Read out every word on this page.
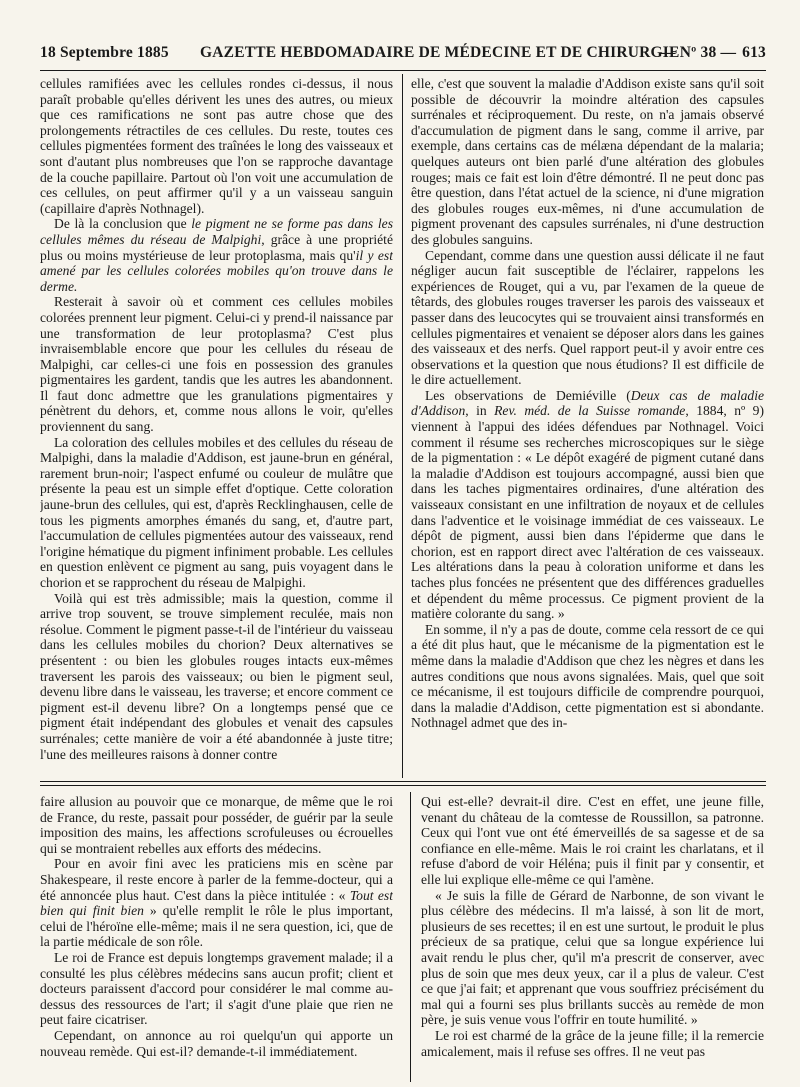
18 Septembre 1885 GAZETTE HEBDOMADAIRE DE MÉDECINE ET DE CHIRURGIE
— Nº 38 — 613

cellules ramifiées avec les cellules rondes ci-dessus, il nous paraît probable qu'elles dérivent les unes des autres, ou mieux que ces ramifications ne sont pas autre chose que des prolongements rétractiles de ces cellules. Du reste, toutes ces cellules pigmentées forment des traînées le long des vaisseaux et sont d'autant plus nombreuses que l'on se rapproche davantage de la couche papillaire. Partout où l'on voit une accumulation de ces cellules, on peut affirmer qu'il y a un vaisseau sanguin (capillaire d'après Nothnagel).

De là la conclusion que le pigment ne se forme pas dans les cellules mêmes du réseau de Malpighi, grâce à une propriété plus ou moins mystérieuse de leur protoplasma, mais qu'il y est amené par les cellules colorées mobiles qu'on trouve dans le derme.

Resterait à savoir où et comment ces cellules mobiles colorées prennent leur pigment. Celui-ci y prend-il naissance par une transformation de leur protoplasma? C'est plus invraisemblable encore que pour les cellules du réseau de Malpighi, car celles-ci une fois en possession des granules pigmentaires les gardent, tandis que les autres les abandonnent. Il faut donc admettre que les granulations pigmentaires y pénètrent du dehors, et, comme nous allons le voir, qu'elles proviennent du sang.

La coloration des cellules mobiles et des cellules du réseau de Malpighi, dans la maladie d'Addison, est jaune-brun en général, rarement brun-noir; l'aspect enfumé ou couleur de mulâtre que présente la peau est un simple effet d'optique. Cette coloration jaune-brun des cellules, qui est, d'après Recklinghausen, celle de tous les pigments amorphes émanés du sang, et, d'autre part, l'accumulation de cellules pigmentées autour des vaisseaux, rend l'origine hématique du pigment infiniment probable. Les cellules en question enlèvent ce pigment au sang, puis voyagent dans le chorion et se rapprochent du réseau de Malpighi.

Voilà qui est très admissible; mais la question, comme il arrive trop souvent, se trouve simplement reculée, mais non résolue. Comment le pigment passe-t-il de l'intérieur du vaisseau dans les cellules mobiles du chorion? Deux alternatives se présentent : ou bien les globules rouges intacts eux-mêmes traversent les parois des vaisseaux; ou bien le pigment seul, devenu libre dans le vaisseau, les traverse; et encore comment ce pigment est-il devenu libre? On a longtemps pensé que ce pigment était indépendant des globules et venait des capsules surrénales; cette manière de voir a été abandonnée à juste titre; l'une des meilleures raisons à donner contre

elle, c'est que souvent la maladie d'Addison existe sans qu'il soit possible de découvrir la moindre altération des capsules surrénales et réciproquement. Du reste, on n'a jamais observé d'accumulation de pigment dans le sang, comme il arrive, par exemple, dans certains cas de mélæna dépendant de la malaria; quelques auteurs ont bien parlé d'une altération des globules rouges; mais ce fait est loin d'être démontré. Il ne peut donc pas être question, dans l'état actuel de la science, ni d'une migration des globules rouges eux-mêmes, ni d'une accumulation de pigment provenant des capsules surrénales, ni d'une destruction des globules sanguins.

Cependant, comme dans une question aussi délicate il ne faut négliger aucun fait susceptible de l'éclairer, rappelons les expériences de Rouget, qui a vu, par l'examen de la queue de têtards, des globules rouges traverser les parois des vaisseaux et passer dans des leucocytes qui se trouvaient ainsi transformés en cellules pigmentaires et venaient se déposer alors dans les gaines des vaisseaux et des nerfs. Quel rapport peut-il y avoir entre ces observations et la question que nous étudions? Il est difficile de le dire actuellement.

Les observations de Demiéville (Deux cas de maladie d'Addison, in Rev. méd. de la Suisse romande, 1884, nº 9) viennent à l'appui des idées défendues par Nothnagel. Voici comment il résume ses recherches microscopiques sur le siège de la pigmentation : « Le dépôt exagéré de pigment cutané dans la maladie d'Addison est toujours accompagné, aussi bien que dans les taches pigmentaires ordinaires, d'une altération des vaisseaux consistant en une infiltration de noyaux et de cellules dans l'adventice et le voisinage immédiat de ces vaisseaux. Le dépôt de pigment, aussi bien dans l'épiderme que dans le chorion, est en rapport direct avec l'altération de ces vaisseaux. Les altérations dans la peau à coloration uniforme et dans les taches plus foncées ne présentent que des différences graduelles et dépendent du même processus. Ce pigment provient de la matière colorante du sang. »

En somme, il n'y a pas de doute, comme cela ressort de ce qui a été dit plus haut, que le mécanisme de la pigmentation est le même dans la maladie d'Addison que chez les nègres et dans les autres conditions que nous avons signalées. Mais, quel que soit ce mécanisme, il est toujours difficile de comprendre pourquoi, dans la maladie d'Addison, cette pigmentation est si abondante. Nothnagel admet que des in-

faire allusion au pouvoir que ce monarque, de même que le roi de France, du reste, passait pour posséder, de guérir par la seule imposition des mains, les affections scrofuleuses ou écrouelles qui se montraient rebelles aux efforts des médecins.

Pour en avoir fini avec les praticiens mis en scène par Shakespeare, il reste encore à parler de la femme-docteur, qui a été annoncée plus haut. C'est dans la pièce intitulée : « Tout est bien qui finit bien » qu'elle remplit le rôle le plus important, celui de l'héroïne elle-même; mais il ne sera question, ici, que de la partie médicale de son rôle.

Le roi de France est depuis longtemps gravement malade; il a consulté les plus célèbres médecins sans aucun profit; client et docteurs paraissent d'accord pour considérer le mal comme au-dessus des ressources de l'art; il s'agit d'une plaie que rien ne peut faire cicatriser.

Cependant, on annonce au roi quelqu'un qui apporte un nouveau remède. Qui est-il? demande-t-il immédiatement.

Qui est-elle? devrait-il dire. C'est en effet, une jeune fille, venant du château de la comtesse de Roussillon, sa patronne. Ceux qui l'ont vue ont été émerveillés de sa sagesse et de sa confiance en elle-même. Mais le roi craint les charlatans, et il refuse d'abord de voir Héléna; puis il finit par y consentir, et elle lui explique elle-même ce qui l'amène.

« Je suis la fille de Gérard de Narbonne, de son vivant le plus célèbre des médecins. Il m'a laissé, à son lit de mort, plusieurs de ses recettes; il en est une surtout, le produit le plus précieux de sa pratique, celui que sa longue expérience lui avait rendu le plus cher, qu'il m'a prescrit de conserver, avec plus de soin que mes deux yeux, car il a plus de valeur. C'est ce que j'ai fait; et apprenant que vous souffriez précisément du mal qui a fourni ses plus brillants succès au remède de mon père, je suis venue vous l'offrir en toute humilité. »

Le roi est charmé de la grâce de la jeune fille; il la remercie amicalement, mais il refuse ses offres. Il ne veut pas
